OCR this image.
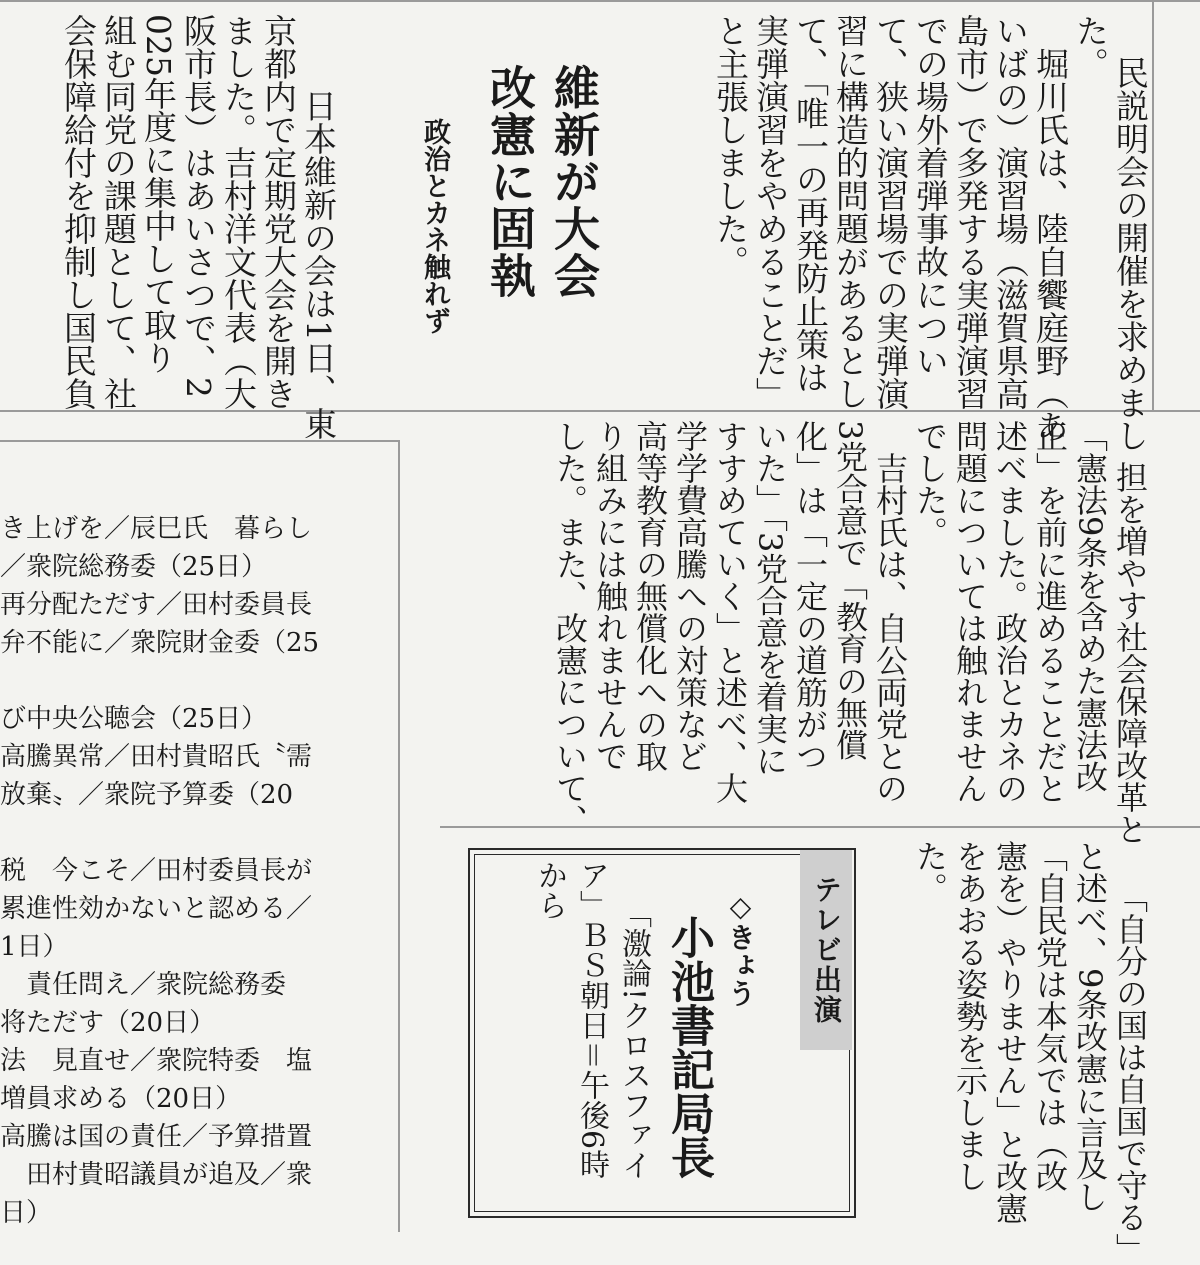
民説明会の開催を求めまし
た。
　堀川氏は、陸自饗庭野（あ
いばの）演習場（滋賀県高
島市）で多発する実弾演習
での場外着弾事故につい
て、狭い演習場での実弾演
習に構造的問題があるとし
て、「唯一の再発防止策は
実弾演習をやめることだ」
と主張しました。

維新が大会
改憲に固執
政治とカネ触れず

　日本維新の会は1日、東
京都内で定期党大会を開き
ました。吉村洋文代表（大
阪市長）はあいさつで、2
025年度に集中して取り
組む同党の課題として、社
会保障給付を抑制し国民負

担を増やす社会保障改革と
「憲法9条を含めた憲法改
正」を前に進めることだと
述べました。政治とカネの
問題については触れません
でした。
　吉村氏は、自公両党との
3党合意で「教育の無償
化」は「一定の道筋がつ
いた」「3党合意を着実に
すすめていく」と述べ、大
学学費高騰への対策など
高等教育の無償化への取
り組みには触れませんで
した。また、改憲について、

「自分の国は自国で守る」
と述べ、9条改憲に言及し
「自民党は本気では（改
憲を）やりません」と改憲
をあおる姿勢を示しまし
た。

き上げを／辰巳氏　暮らし
／衆院総務委（25日）
再分配ただす／田村委員長
弁不能に／衆院財金委（25
び中央公聴会（25日）
高騰異常／田村貴昭氏〝需
放棄〟／衆院予算委（20
税　今こそ／田村委員長が
累進性効かないと認める／
1日）
　責任問え／衆院総務委
将ただす（20日）
法　見直せ／衆院特委　塩
増員求める（20日）
高騰は国の責任／予算措置
　田村貴昭議員が追及／衆
日）
テレビ出演
◇きょう
小池書記局長

「激論!クロスファイ
ア」ＢＳ朝日＝午後6時
から
